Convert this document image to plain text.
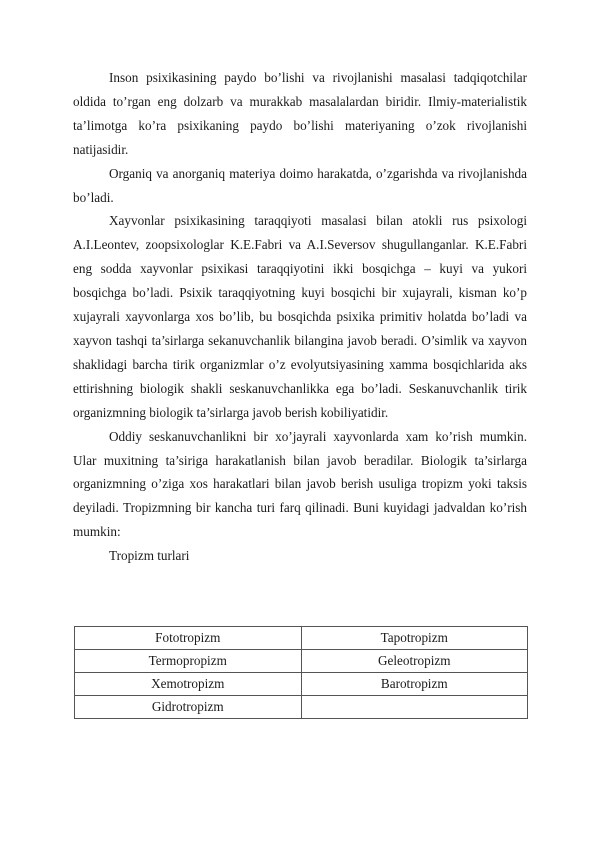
Inson psixikasining paydo bo’lishi va rivojlanishi masalasi tadqiqotchilar oldida to’rgan eng dolzarb va murakkab masalalardan biridir. Ilmiy-materialistik ta’limotga ko’ra psixikaning paydo bo’lishi materiyaning o’zok rivojlanishi natijasidir.

Organiq va anorganiq materiya doimo harakatda, o’zgarishda va rivojlanishda bo’ladi.

Xayvonlar psixikasining taraqqiyoti masalasi bilan atokli rus psixologi A.I.Leontev, zoopsixologlar K.E.Fabri va A.I.Seversov shugullanganlar. K.E.Fabri eng sodda xayvonlar psixikasi taraqqiyotini ikki bosqichga – kuyi va yukori bosqichga bo’ladi. Psixik taraqqiyotning kuyi bosqichi bir xujayrali, kisman ko’p xujayrali xayvonlarga xos bo’lib, bu bosqichda psixika primitiv holatda bo’ladi va xayvon tashqi ta’sirlarga sekanuvchanlik bilangina javob beradi. O’simlik va xayvon shaklidagi barcha tirik organizmlar o’z evolyutsiyasining xamma bosqichlarida aks ettirishning biologik shakli seskanuvchanlikka ega bo’ladi. Seskanuvchanlik tirik organizmning biologik ta’sirlarga javob berish kobiliyatidir.

Oddiy seskanuvchanlikni bir xo’jayrali xayvonlarda xam ko’rish mumkin. Ular muxitning ta’siriga harakatlanish bilan javob beradilar. Biologik ta’sirlarga organizmning o’ziga xos harakatlari bilan javob berish usuliga tropizm yoki taksis deyiladi. Tropizmning bir kancha turi farq qilinadi. Buni kuyidagi jadvaldan ko’rish mumkin:

Tropizm turlari

Fototropizm	Tapotropizm
Termopropizm	Geleotropizm
Xemotropizm	Barotropizm
Gidrotropizm	
